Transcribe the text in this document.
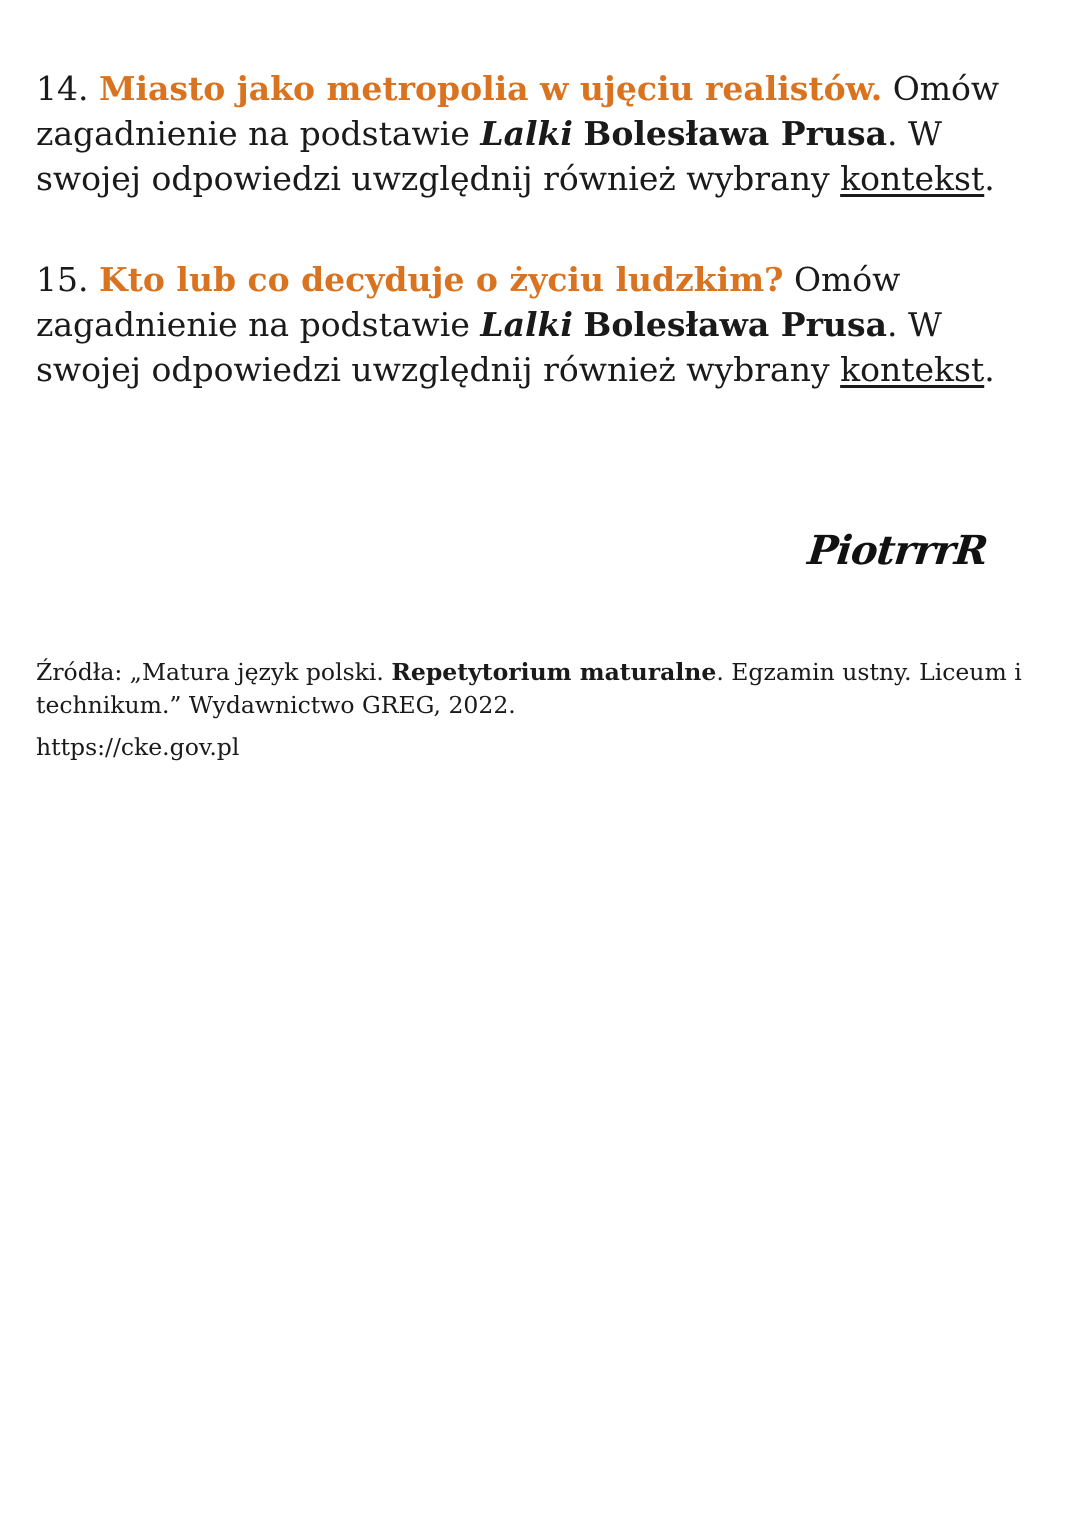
14. Miasto jako metropolia w ujęciu realistów. Omów zagadnienie na podstawie Lalki Bolesława Prusa. W swojej odpowiedzi uwzględnij również wybrany kontekst.
15. Kto lub co decyduje o życiu ludzkim? Omów zagadnienie na podstawie Lalki Bolesława Prusa. W swojej odpowiedzi uwzględnij również wybrany kontekst.
PiotrrrR
Źródła: „Matura język polski. Repetytorium maturalne. Egzamin ustny. Liceum i technikum.” Wydawnictwo GREG, 2022.
https://cke.gov.pl
